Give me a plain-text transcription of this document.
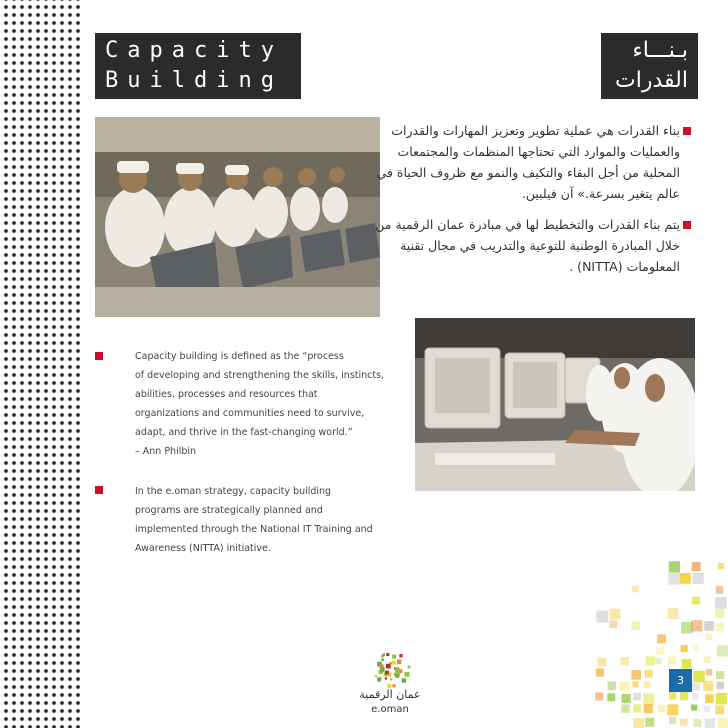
Capacity
Building
بـنـــاء
القدرات
بناء القدرات هي عملية تطوير وتعزيز المهارات والقدرات
والعمليات والموارد التي تحتاجها المنظمات والمجتمعات
المحلية من أجل البقاء والتكيف والنمو مع ظروف الحياة في
عالم يتغير بسرعة.» آن فيلبين.
يتم بناء القدرات والتخطيط لها في مبادرة عمان الرقمية من
خلال المبادرة الوطنية للتوعية والتدريب في مجال تقنية
المعلومات (NITTA) .
Capacity building is defined as the “process
of developing and strengthening the skills, instincts,
abilities, processes and resources that
organizations and communities need to survive,
adapt, and thrive in the fast-changing world.”
– Ann Philbin
In the e.oman strategy, capacity building
programs are strategically planned and
implemented through the National IT Training and
Awareness (NITTA) initiative.
عمان الرقمية
e.oman
3
